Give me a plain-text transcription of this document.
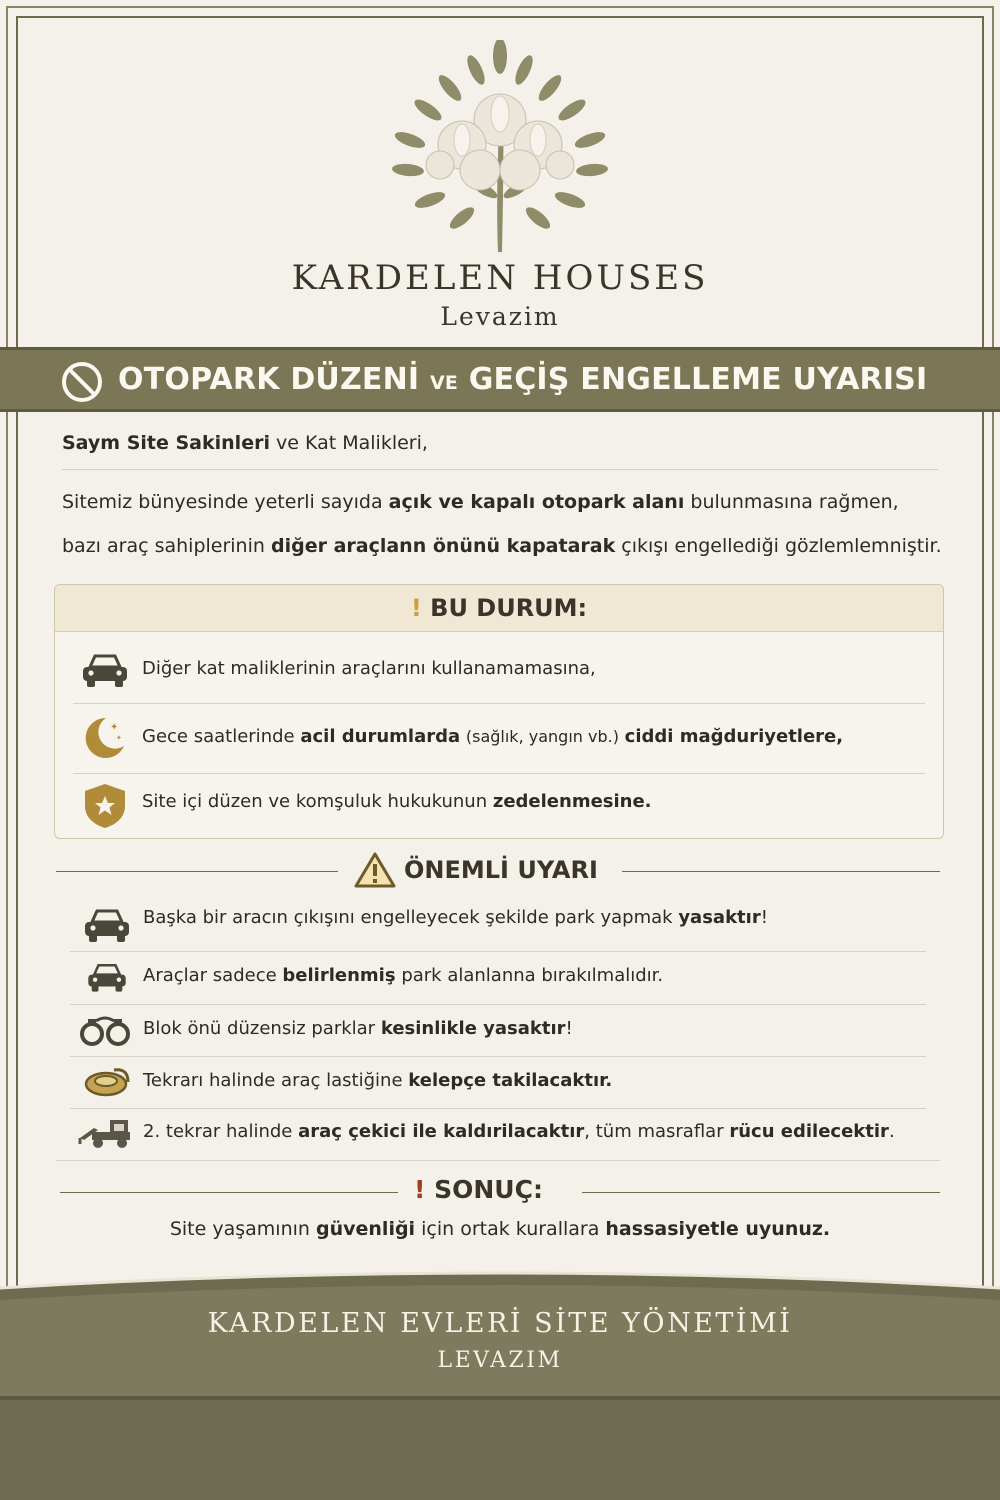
KARDELEN HOUSES
Levazim
OTOPARK DÜZENİ VE GEÇİŞ ENGELLEME UYARISI
Saym Site Sakinleri ve Kat Malikleri,
Sitemiz bünyesinde yeterli sayıda açık ve kapalı otopark alanı bulunmasına rağmen,
bazı araç sahiplerinin diğer araçlann önünü kapatarak çıkışı engellediği gözlemlemniştir.
! BU DURUM:
Diğer kat maliklerinin araçlarını kullanamamasına,
✦
✦ Gece saatlerinde acil durumlarda (sağlık, yangın vb.) ciddi mağduriyetlere,
Site içi düzen ve komşuluk hukukunun zedelenmesine.
ÖNEMLİ UYARI
Başka bir aracın çıkışını engelleyecek şekilde park yapmak yasaktır!
Araçlar sadece belirlenmiş park alanlanna bırakılmalıdır.
Blok önü düzensiz parklar kesinlikle yasaktır!
Tekrarı halinde araç lastiğine kelepçe takilacaktır.
2. tekrar halinde araç çekici ile kaldırilacaktır, tüm masraflar rücu edilecektir.
! SONUÇ:
Site yaşamının güvenliği için ortak kurallara hassasiyetle uyunuz.
KARDELEN EVLERİ SİTE YÖNETİMİ
LEVAZIM
